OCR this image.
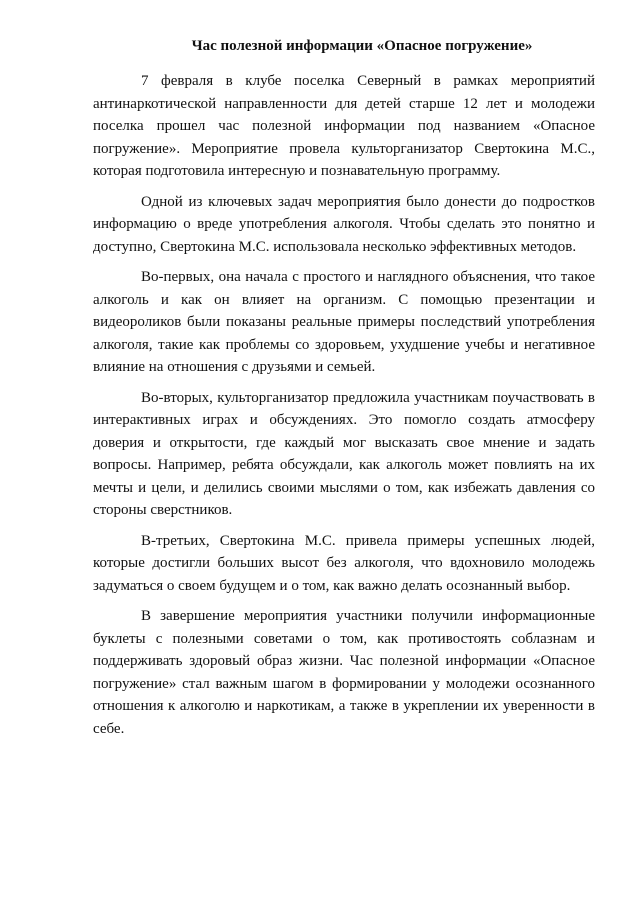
Час полезной информации «Опасное погружение»

7 февраля в клубе поселка Северный в рамках мероприятий антинаркотической направленности для детей старше 12 лет и молодежи поселка прошел час полезной информации под названием «Опасное погружение». Мероприятие провела культорганизатор Свертокина М.С., которая подготовила интересную и познавательную программу.

Одной из ключевых задач мероприятия было донести до подростков информацию о вреде употребления алкоголя. Чтобы сделать это понятно и доступно, Свертокина М.С. использовала несколько эффективных методов.

Во-первых, она начала с простого и наглядного объяснения, что такое алкоголь и как он влияет на организм. С помощью презентации и видеороликов были показаны реальные примеры последствий употребления алкоголя, такие как проблемы со здоровьем, ухудшение учебы и негативное влияние на отношения с друзьями и семьей.

Во-вторых, культорганизатор предложила участникам поучаствовать в интерактивных играх и обсуждениях. Это помогло создать атмосферу доверия и открытости, где каждый мог высказать свое мнение и задать вопросы. Например, ребята обсуждали, как алкоголь может повлиять на их мечты и цели, и делились своими мыслями о том, как избежать давления со стороны сверстников.

В-третьих, Свертокина М.С. привела примеры успешных людей, которые достигли больших высот без алкоголя, что вдохновило молодежь задуматься о своем будущем и о том, как важно делать осознанный выбор.

В завершение мероприятия участники получили информационные буклеты с полезными советами о том, как противостоять соблазнам и поддерживать здоровый образ жизни. Час полезной информации «Опасное погружение» стал важным шагом в формировании у молодежи осознанного отношения к алкоголю и наркотикам, а также в укреплении их уверенности в себе.
